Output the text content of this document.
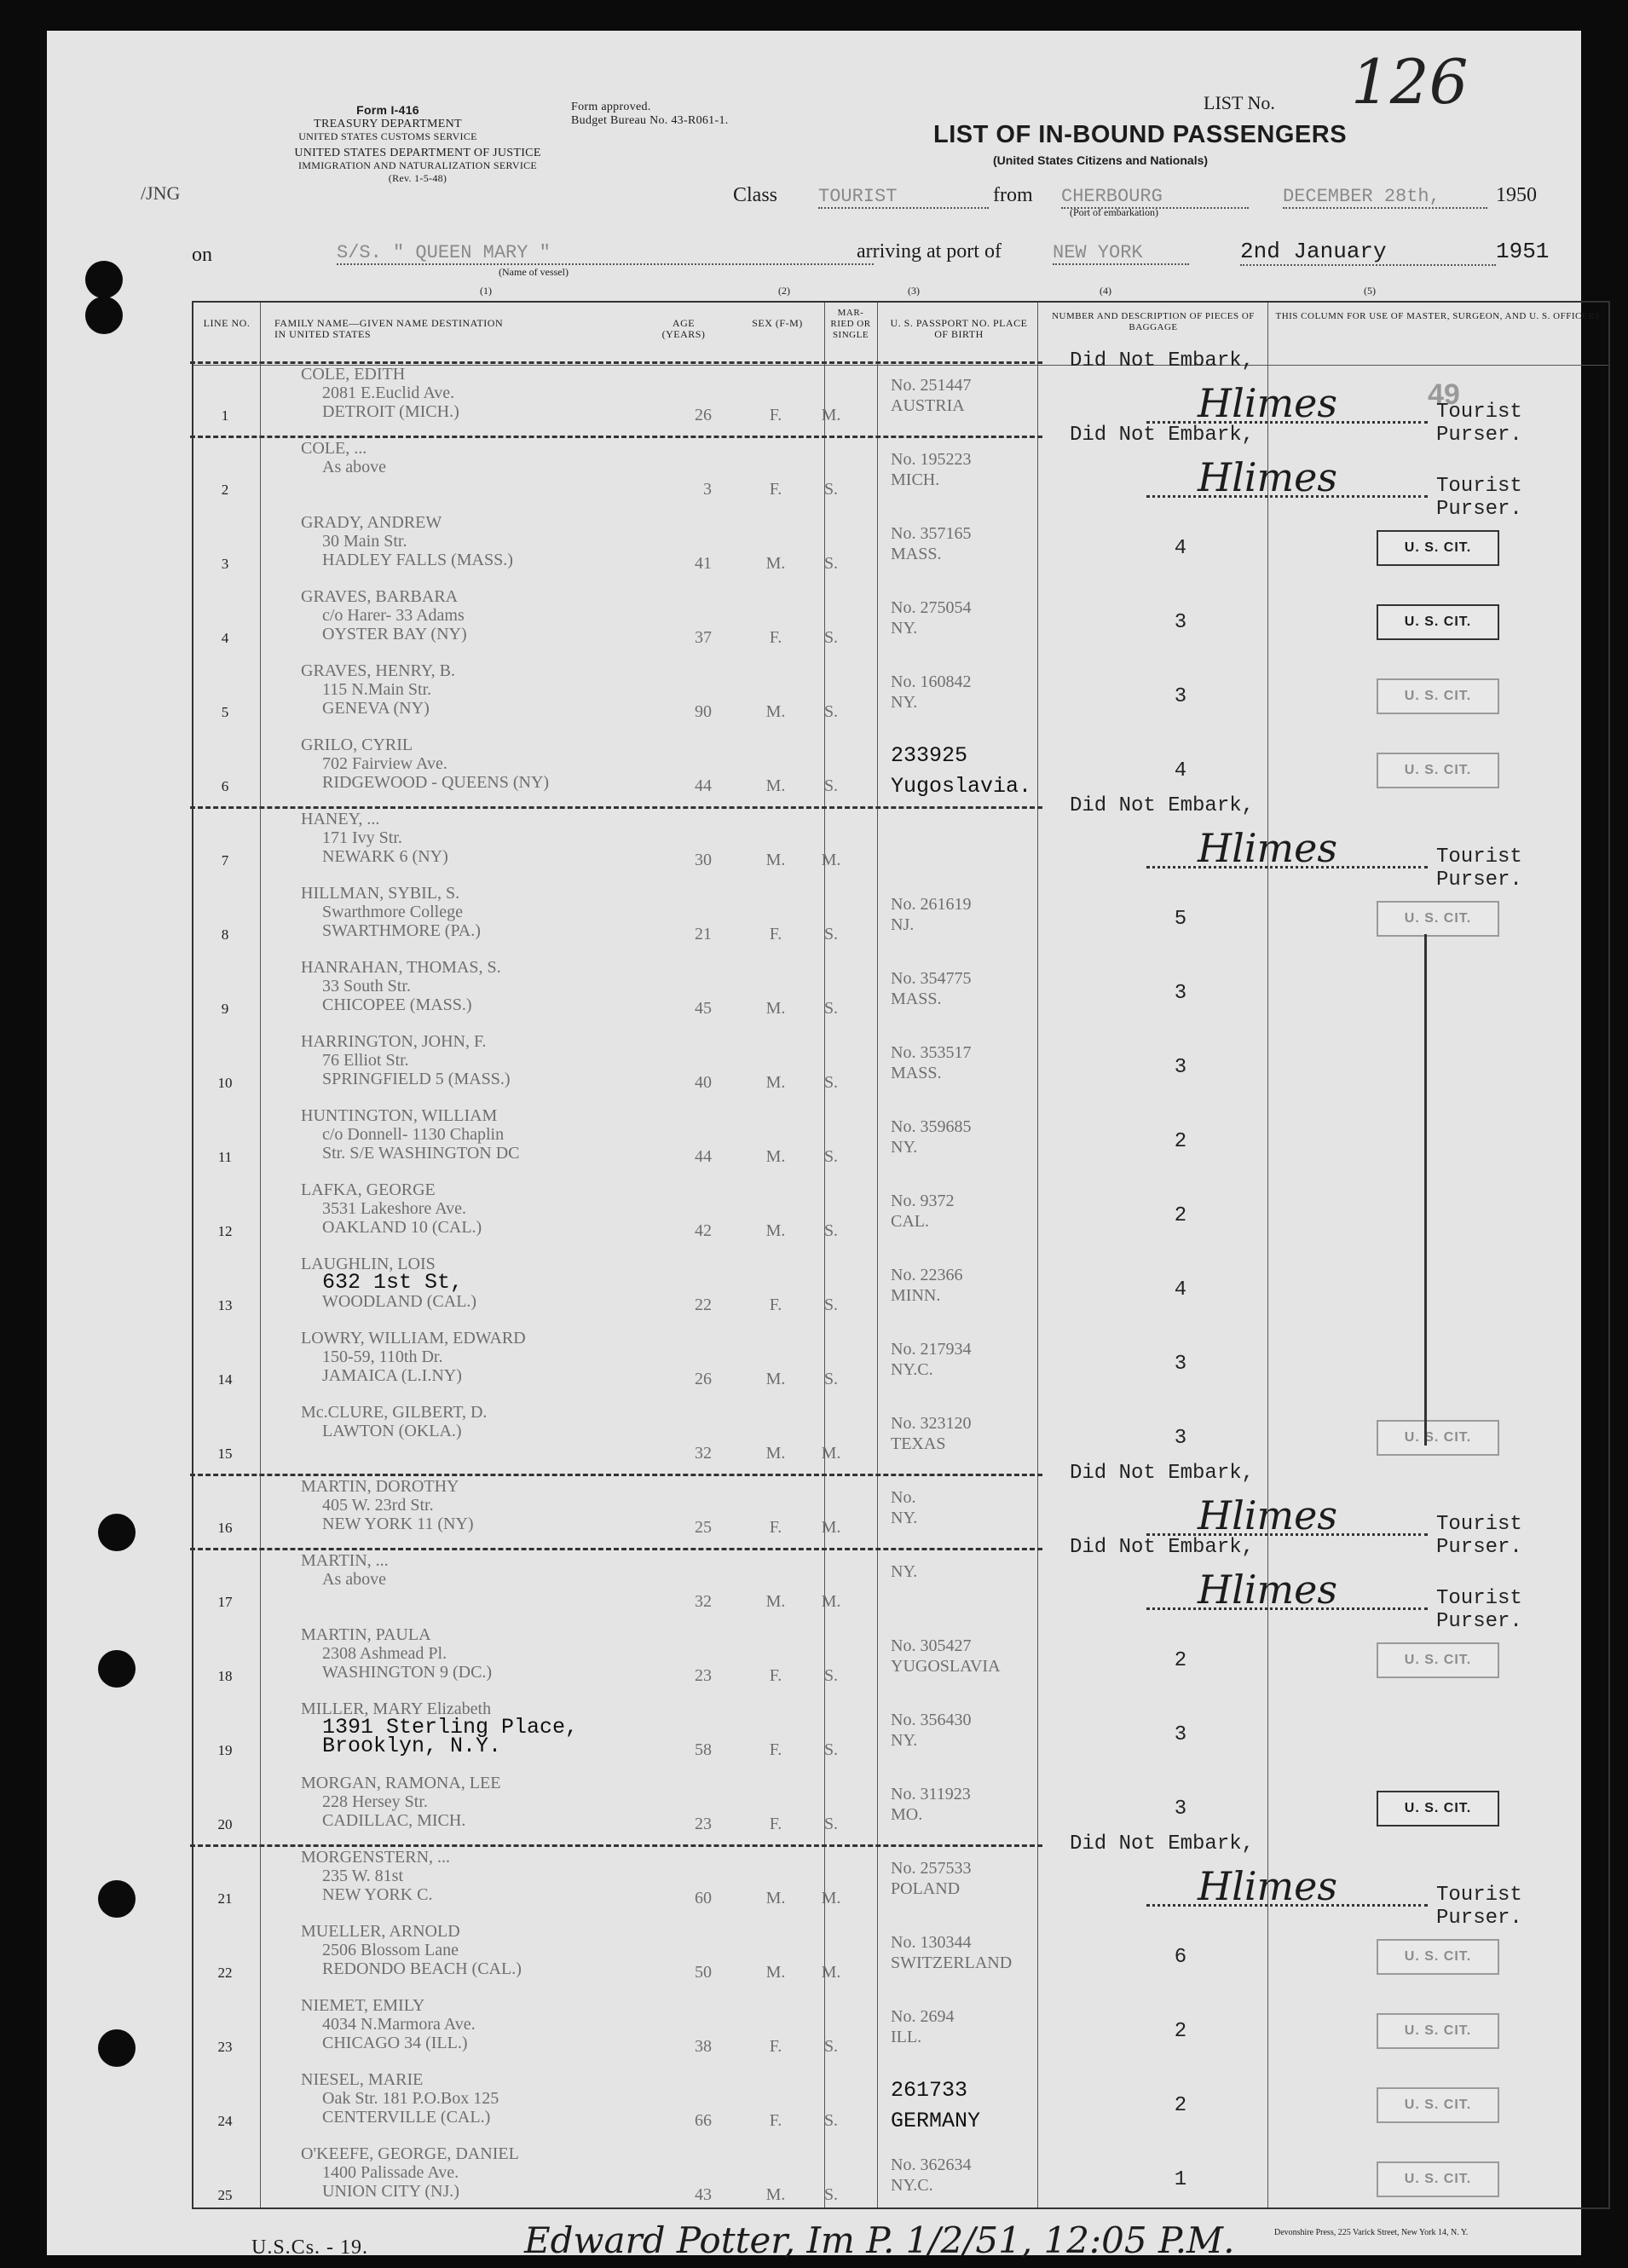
Form I-416
TREASURY DEPARTMENT
UNITED STATES CUSTOMS SERVICE
Form approved.
Budget Bureau No. 43-R061-1.
UNITED STATES DEPARTMENT OF JUSTICE
IMMIGRATION AND NATURALIZATION SERVICE
(Rev. 1-5-48)
LIST No. 126
LIST OF IN-BOUND PASSENGERS
(United States Citizens and Nationals)
/JNG	Class TOURIST	from CHERBOURG
(Port of embarkation)
DECEMBER 28th,	1950
on	S/S. " QUEEN MARY "
(Name of vessel)
arriving at port of	NEW YORK	2nd January	1951
(1)	(2)	(3)	(4)	(5)
LINE NO.	FAMILY NAME—GIVEN NAME DESTINATION IN UNITED STATES
AGE (YEARS)
SEX (F-M)
MAR- RIED OR SINGLE
U. S. PASSPORT NO. PLACE OF BIRTH
NUMBER AND DESCRIPTION OF PIECES OF BAGGAGE
THIS COLUMN FOR USE OF MASTER, SURGEON, AND U. S. OFFICERS
49
1
COLE, EDITH
2081 E.Euclid Ave.
DETROIT (MICH.)	26	F.	M.
No. 251447
AUSTRIA
Did Not Embark,
Hlimes	Tourist Purser.
2
COLE, ...
As above
3	F.	S.
No. 195223
MICH.
Did Not Embark,
Hlimes	Tourist Purser.
3
GRADY, ANDREW
30 Main Str.
HADLEY FALLS (MASS.)	41	M.	S.
No. 357165
MASS.	4	U. S. CIT.
4
GRAVES, BARBARA
c/o Harer- 33 Adams
OYSTER BAY (NY)	37	F.	S.
No. 275054
NY.	3	U. S. CIT.
5
GRAVES, HENRY, B.
115 N.Main Str.
GENEVA (NY)	90	M.	S.
No. 160842
NY.	3	U. S. CIT.
6
GRILO, CYRIL
702 Fairview Ave.
RIDGEWOOD - QUEENS (NY)	44	M.	S.
233925
Yugoslavia.
4	U. S. CIT.
7
HANEY, ...
171 Ivy Str.
NEWARK 6 (NY)	30	M.	M.
Did Not Embark,
Hlimes	Tourist Purser.
8
HILLMAN, SYBIL, S.
Swarthmore College
SWARTHMORE (PA.)	21	F.	S.
No. 261619
NJ.	5	U. S. CIT.
9
HANRAHAN, THOMAS, S.
33 South Str.
CHICOPEE (MASS.)	45	M.	S.
No. 354775
MASS.	3
10
HARRINGTON, JOHN, F.
76 Elliot Str.
SPRINGFIELD 5 (MASS.)	40	M.	S.
No. 353517
MASS.	3
11
HUNTINGTON, WILLIAM
c/o Donnell- 1130 Chaplin
Str. S/E WASHINGTON DC	44	M.	S.
No. 359685
NY.	2
12
LAFKA, GEORGE
3531 Lakeshore Ave.
OAKLAND 10 (CAL.)	42	M.	S.
No. 9372
CAL.	2
13
LAUGHLIN, LOIS
632 1st St,
WOODLAND (CAL.)	22	F.	S.
No. 22366
MINN.	4
14
LOWRY, WILLIAM, EDWARD
150-59, 110th Dr.
JAMAICA (L.I.NY)	26	M.	S.
No. 217934
NY.C.	3
15
Mc.CLURE, GILBERT, D.
LAWTON (OKLA.)
32	M.	M.
No. 323120
TEXAS	3	U. S. CIT.
16
MARTIN, DOROTHY
405 W. 23rd Str.
NEW YORK 11 (NY)	25	F.	M.
No.
NY.
Did Not Embark,
Hlimes	Tourist Purser.
17
MARTIN, ...
As above
32	M.	M.
NY.
Did Not Embark,
Hlimes	Tourist Purser.
18
MARTIN, PAULA
2308 Ashmead Pl.
WASHINGTON 9 (DC.)	23	F.	S.
No. 305427
YUGOSLAVIA	2	U. S. CIT.
19
MILLER, MARY Elizabeth
1391 Sterling Place,
Brooklyn, N.Y.	58	F.	S.
No. 356430
NY.	3
20
MORGAN, RAMONA, LEE
228 Hersey Str.
CADILLAC, MICH.	23	F.	S.
No. 311923
MO.	3	U. S. CIT.
21
MORGENSTERN, ...
235 W. 81st
NEW YORK C.	60	M.	M.
No. 257533
POLAND
Did Not Embark,
Hlimes	Tourist Purser.
22
MUELLER, ARNOLD
2506 Blossom Lane
REDONDO BEACH (CAL.)	50	M.	M.
No. 130344
SWITZERLAND	6	U. S. CIT.
23
NIEMET, EMILY
4034 N.Marmora Ave.
CHICAGO 34 (ILL.)	38	F.	S.
No. 2694
ILL.	2	U. S. CIT.
24
NIESEL, MARIE
Oak Str. 181 P.O.Box 125
CENTERVILLE (CAL.)	66	F.	S.
261733
GERMANY
2	U. S. CIT.
25
O'KEEFE, GEORGE, DANIEL
1400 Palissade Ave.
UNION CITY (NJ.)	43	M.	S.
No. 362634
NY.C.	1	U. S. CIT.
U.S.Cs. - 19.	Edward Potter, Im P. 1/2/51, 12:05 P.M.	Devonshire Press, 225 Varick Street, New York 14, N. Y.
